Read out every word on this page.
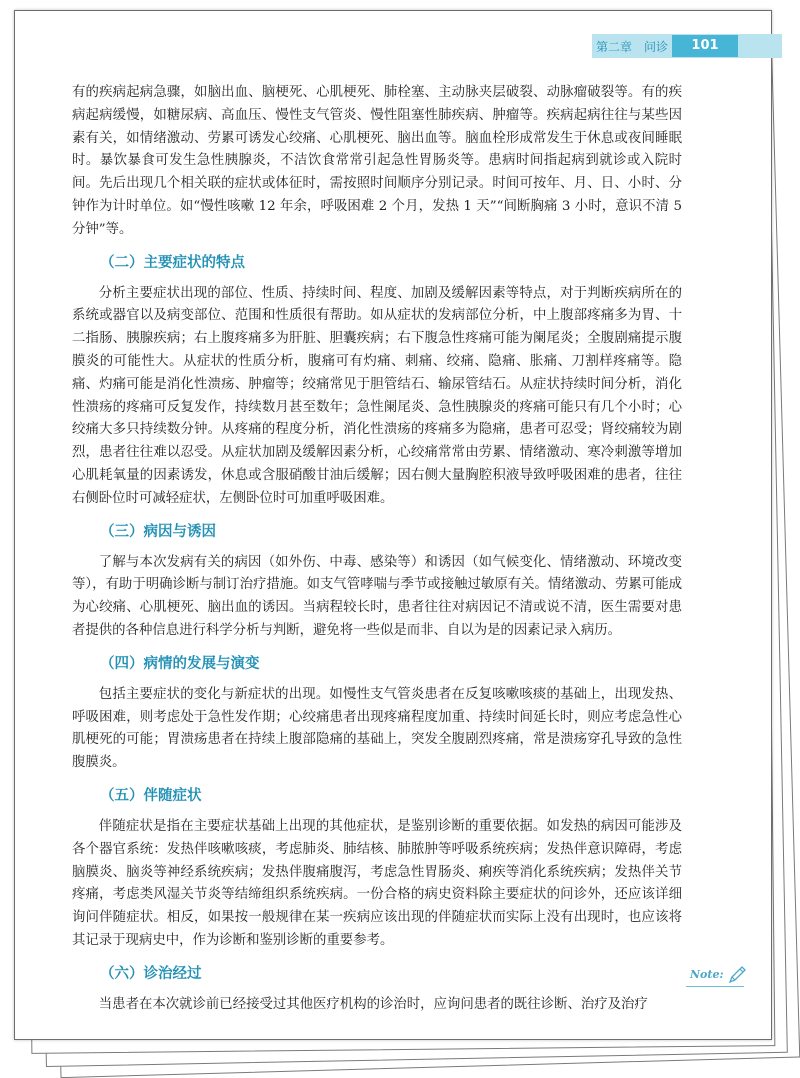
第二章　问诊	101

有的疾病起病急骤，如脑出血、脑梗死、心肌梗死、肺栓塞、主动脉夹层破裂、动脉瘤破裂等。有的疾病起病缓慢，如糖尿病、高血压、慢性支气管炎、慢性阻塞性肺疾病、肿瘤等。疾病起病往往与某些因素有关，如情绪激动、劳累可诱发心绞痛、心肌梗死、脑出血等。脑血栓形成常发生于休息或夜间睡眠时。暴饮暴食可发生急性胰腺炎，不洁饮食常常引起急性胃肠炎等。患病时间指起病到就诊或入院时间。先后出现几个相关联的症状或体征时，需按照时间顺序分别记录。时间可按年、月、日、小时、分钟作为计时单位。如“慢性咳嗽 12 年余，呼吸困难 2 个月，发热 1 天”“间断胸痛 3 小时，意识不清 5 分钟”等。

（二）主要症状的特点

分析主要症状出现的部位、性质、持续时间、程度、加剧及缓解因素等特点，对于判断疾病所在的系统或器官以及病变部位、范围和性质很有帮助。如从症状的发病部位分析，中上腹部疼痛多为胃、十二指肠、胰腺疾病；右上腹疼痛多为肝脏、胆囊疾病；右下腹急性疼痛可能为阑尾炎；全腹剧痛提示腹膜炎的可能性大。从症状的性质分析，腹痛可有灼痛、刺痛、绞痛、隐痛、胀痛、刀割样疼痛等。隐痛、灼痛可能是消化性溃疡、肿瘤等；绞痛常见于胆管结石、输尿管结石。从症状持续时间分析，消化性溃疡的疼痛可反复发作，持续数月甚至数年；急性阑尾炎、急性胰腺炎的疼痛可能只有几个小时；心绞痛大多只持续数分钟。从疼痛的程度分析，消化性溃疡的疼痛多为隐痛，患者可忍受；肾绞痛较为剧烈，患者往往难以忍受。从症状加剧及缓解因素分析，心绞痛常常由劳累、情绪激动、寒冷刺激等增加心肌耗氧量的因素诱发，休息或含服硝酸甘油后缓解；因右侧大量胸腔积液导致呼吸困难的患者，往往右侧卧位时可减轻症状，左侧卧位时可加重呼吸困难。

（三）病因与诱因

了解与本次发病有关的病因（如外伤、中毒、感染等）和诱因（如气候变化、情绪激动、环境改变等），有助于明确诊断与制订治疗措施。如支气管哮喘与季节或接触过敏原有关。情绪激动、劳累可能成为心绞痛、心肌梗死、脑出血的诱因。当病程较长时，患者往往对病因记不清或说不清，医生需要对患者提供的各种信息进行科学分析与判断，避免将一些似是而非、自以为是的因素记录入病历。

（四）病情的发展与演变

包括主要症状的变化与新症状的出现。如慢性支气管炎患者在反复咳嗽咳痰的基础上，出现发热、呼吸困难，则考虑处于急性发作期；心绞痛患者出现疼痛程度加重、持续时间延长时，则应考虑急性心肌梗死的可能；胃溃疡患者在持续上腹部隐痛的基础上，突发全腹剧烈疼痛，常是溃疡穿孔导致的急性腹膜炎。

（五）伴随症状

伴随症状是指在主要症状基础上出现的其他症状，是鉴别诊断的重要依据。如发热的病因可能涉及各个器官系统：发热伴咳嗽咳痰，考虑肺炎、肺结核、肺脓肿等呼吸系统疾病；发热伴意识障碍，考虑脑膜炎、脑炎等神经系统疾病；发热伴腹痛腹泻，考虑急性胃肠炎、痢疾等消化系统疾病；发热伴关节疼痛，考虑类风湿关节炎等结缔组织系统疾病。一份合格的病史资料除主要症状的问诊外，还应该详细询问伴随症状。相反，如果按一般规律在某一疾病应该出现的伴随症状而实际上没有出现时，也应该将其记录于现病史中，作为诊断和鉴别诊断的重要参考。

（六）诊治经过

当患者在本次就诊前已经接受过其他医疗机构的诊治时，应询问患者的既往诊断、治疗及治疗

Note:
